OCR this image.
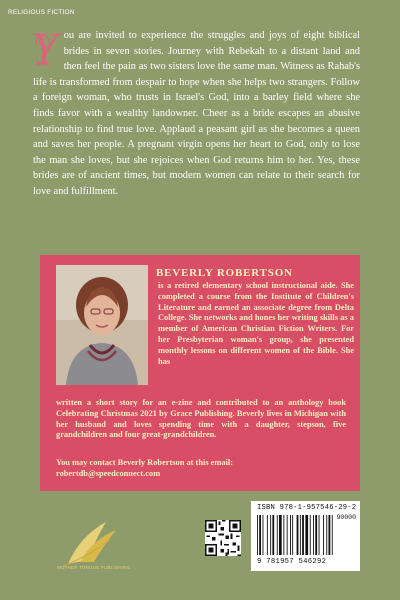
RELIGIOUS FICTION
Y ou are invited to experience the struggles and joys of eight biblical brides in seven stories. Journey with Rebekah to a distant land and then feel the pain as two sisters love the same man. Witness as Rahab's life is transformed from despair to hope when she helps two strangers. Follow a foreign woman, who trusts in Israel's God, into a barley field where she finds favor with a wealthy landowner. Cheer as a bride escapes an abusive relationship to find true love. Applaud a peasant girl as she becomes a queen and saves her people. A pregnant virgin opens her heart to God, only to lose the man she loves, but she rejoices when God returns him to her. Yes, these brides are of ancient times, but modern women can relate to their search for love and fulfillment.
BEVERLY ROBERTSON
is a retired elementary school instructional aide. She completed a course from the Institute of Children's Literature and earned an associate degree from Delta College. She networks and hones her writing skills as a member of American Christian Fiction Writers. For her Presbyterian woman's group, she presented monthly lessons on different women of the Bible. She has
written a short story for an e-zine and contributed to an anthology book Celebrating Christmas 2021 by Grace Publishing. Beverly lives in Michigan with her husband and loves spending time with a daughter, stepson, five grandchildren and four great-grandchildren.
You may contact Beverly Robertson at this email:
robertdb@speedconnect.com
MOTHER TONGUE PUBLISHING
ISBN 978-1-957546-29-2
90000
9 781957 546292
